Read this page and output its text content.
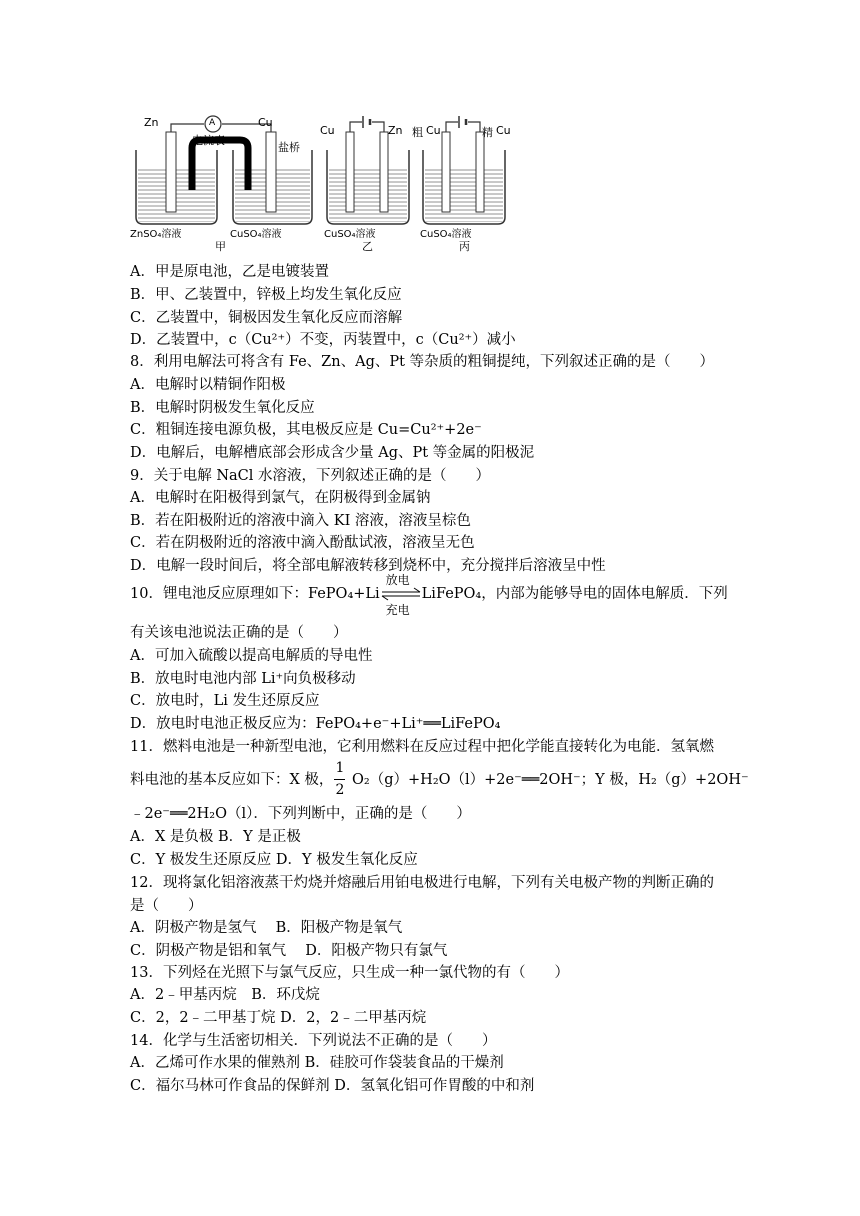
Zn	A	Cu
电流表
盐桥
ZnSO₄溶液	CuSO₄溶液
甲
Cu	Zn
CuSO₄溶液
乙
粗 Cu	精 Cu
CuSO₄溶液
丙
A．甲是原电池，乙是电镀装置
B．甲、乙装置中，锌极上均发生氧化反应
C．乙装置中，铜极因发生氧化反应而溶解
D．乙装置中，c（Cu²⁺）不变，丙装置中，c（Cu²⁺）减小
8．利用电解法可将含有 Fe、Zn、Ag、Pt 等杂质的粗铜提纯，下列叙述正确的是（　　）
A．电解时以精铜作阳极
B．电解时阴极发生氧化反应
C．粗铜连接电源负极，其电极反应是 Cu=Cu²⁺+2e⁻
D．电解后，电解槽底部会形成含少量 Ag、Pt 等金属的阳极泥
9．关于电解 NaCl 水溶液，下列叙述正确的是（　　）
A．电解时在阳极得到氯气，在阴极得到金属钠
B．若在阳极附近的溶液中滴入 KI 溶液，溶液呈棕色
C．若在阴极附近的溶液中滴入酚酞试液，溶液呈无色
D．电解一段时间后，将全部电解液转移到烧杯中，充分搅拌后溶液呈中性
10．锂电池反应原理如下：FePO₄+Li
放电
充电
LiFePO₄，内部为能够导电的固体电解质．下列
有关该电池说法正确的是（　　）
A．可加入硫酸以提高电解质的导电性
B．放电时电池内部 Li⁺向负极移动
C．放电时，Li 发生还原反应
D．放电时电池正极反应为：FePO₄+e⁻+Li⁺══LiFePO₄
11．燃料电池是一种新型电池，它利用燃料在反应过程中把化学能直接转化为电能．氢氧燃
料电池的基本反应如下：X 极， $\frac{1}{2}$ O₂（g）+H₂O（l）+2e⁻══2OH⁻；Y 极，H₂（g）+2OH⁻
﹣2e⁻══2H₂O（l）．下列判断中，正确的是（　　）
A．X 是负极 B．Y 是正极
C．Y 极发生还原反应 D．Y 极发生氧化反应
12．现将氯化铝溶液蒸干灼烧并熔融后用铂电极进行电解，下列有关电极产物的判断正确的
是（　　）
A．阴极产物是氢气　 B．阳极产物是氧气
C．阴极产物是铝和氧气　 D．阳极产物只有氯气
13．下列烃在光照下与氯气反应，只生成一种一氯代物的有（　　）
A．2﹣甲基丙烷　B．环戊烷
C．2，2﹣二甲基丁烷 D．2，2﹣二甲基丙烷
14．化学与生活密切相关．下列说法不正确的是（　　）
A．乙烯可作水果的催熟剂 B．硅胶可作袋装食品的干燥剂
C．福尔马林可作食品的保鲜剂 D．氢氧化铝可作胃酸的中和剂
